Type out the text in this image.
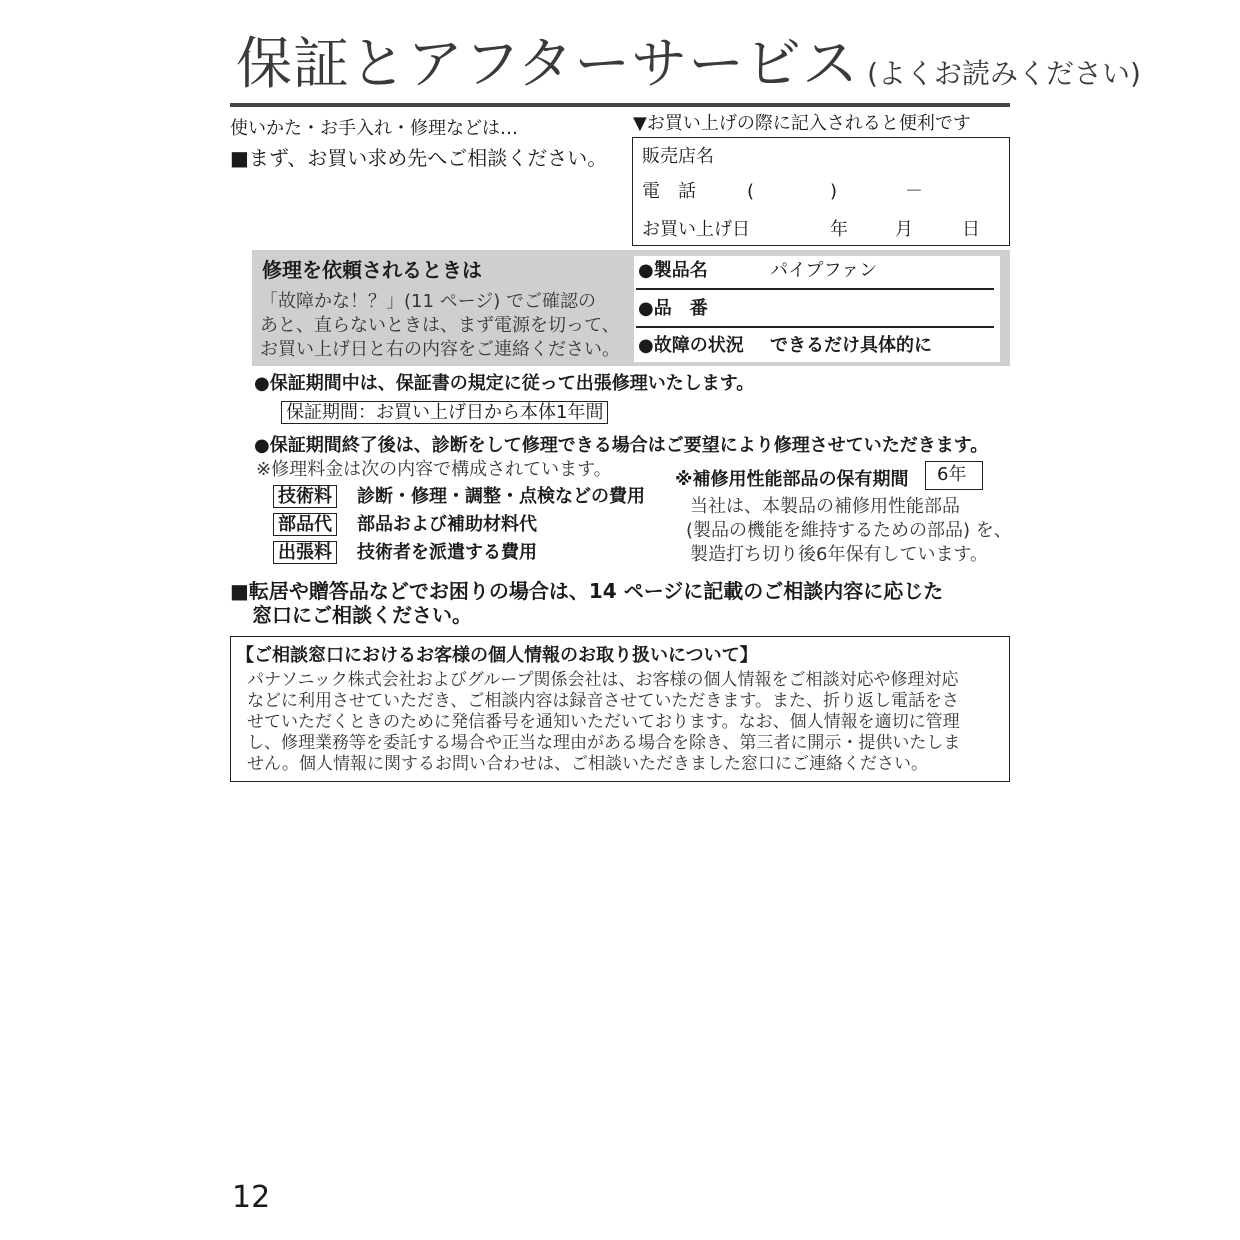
保証とアフターサービス (よくお読みください)
使いかた・お手入れ・修理などは…
■まず、お買い求め先へご相談ください。
▼お買い上げの際に記入されると便利です
販売店名
電　話	(	)	－
お買い上げ日	年	月	日
修理を依頼されるときは
「故障かな！？」(11 ページ) でご確認の
あと、直らないときは、まず電源を切って、
お買い上げ日と右の内容をご連絡ください。
●製品名	パイプファン
●品　番
●故障の状況 できるだけ具体的に
●保証期間中は、保証書の規定に従って出張修理いたします。
保証期間：お買い上げ日から本体1年間
●保証期間終了後は、診断をして修理できる場合はご要望により修理させていただきます。
※修理料金は次の内容で構成されています。
技術料 診断・修理・調整・点検などの費用
部品代 部品および補助材料代
出張料 技術者を派遣する費用
※補修用性能部品の保有期間 6年
当社は、本製品の補修用性能部品
(製品の機能を維持するための部品) を、
製造打ち切り後6年保有しています。
■転居や贈答品などでお困りの場合は、14 ページに記載のご相談内容に応じた
窓口にご相談ください。
【ご相談窓口におけるお客様の個人情報のお取り扱いについて】
パナソニック株式会社およびグループ関係会社は、お客様の個人情報をご相談対応や修理対応
などに利用させていただき、ご相談内容は録音させていただきます。また、折り返し電話をさ
せていただくときのために発信番号を通知いただいております。なお、個人情報を適切に管理
し、修理業務等を委託する場合や正当な理由がある場合を除き、第三者に開示・提供いたしま
せん。個人情報に関するお問い合わせは、ご相談いただきました窓口にご連絡ください。
12
